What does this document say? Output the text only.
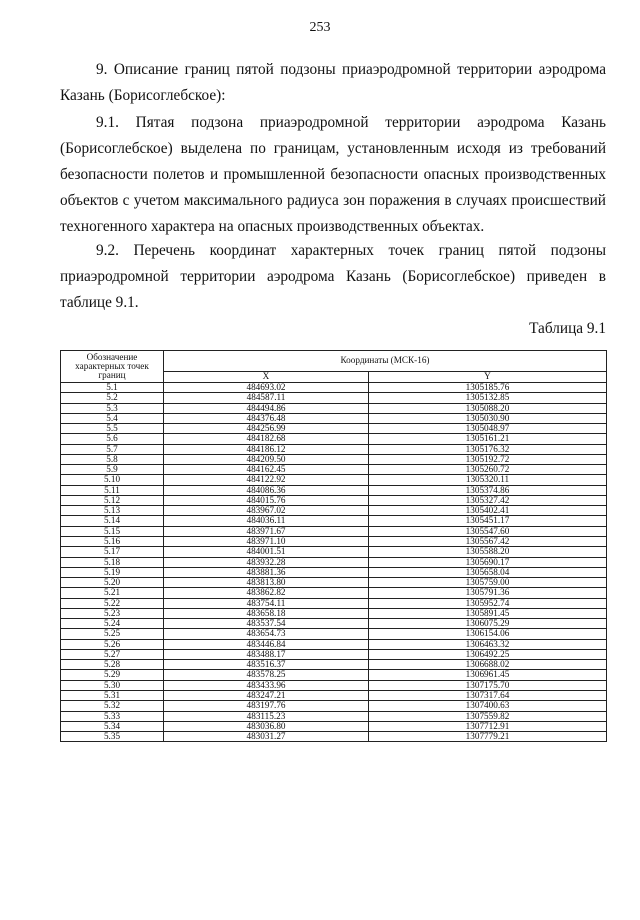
253
9. Описание границ пятой подзоны приаэродромной территории аэродрома Казань (Борисоглебское):
9.1. Пятая подзона приаэродромной территории аэродрома Казань (Борисоглебское) выделена по границам, установленным исходя из требований безопасности полетов и промышленной безопасности опасных производственных объектов с учетом максимального радиуса зон поражения в случаях происшествий техногенного характера на опасных производственных объектах.
9.2. Перечень координат характерных точек границ пятой подзоны приаэродромной территории аэродрома Казань (Борисоглебское) приведен в таблице 9.1.
Таблица 9.1
Обозначение характерных точек границ	Координаты (МСК-16)	
	X	Y
5.1	484693.02	1305185.76
5.2	484587.11	1305132.85
5.3	484494.86	1305088.20
5.4	484376.48	1305030.90
5.5	484256.99	1305048.97
5.6	484182.68	1305161.21
5.7	484186.12	1305176.32
5.8	484209.50	1305192.72
5.9	484162.45	1305260.72
5.10	484122.92	1305320.11
5.11	484086.36	1305374.86
5.12	484015.76	1305327.42
5.13	483967.02	1305402.41
5.14	484036.11	1305451.17
5.15	483971.67	1305547.60
5.16	483971.10	1305567.42
5.17	484001.51	1305588.20
5.18	483932.28	1305690.17
5.19	483881.36	1305658.04
5.20	483813.80	1305759.00
5.21	483862.82	1305791.36
5.22	483754.11	1305952.74
5.23	483658.18	1305891.45
5.24	483537.54	1306075.29
5.25	483654.73	1306154.06
5.26	483446.84	1306463.32
5.27	483488.17	1306492.25
5.28	483516.37	1306688.02
5.29	483578.25	1306961.45
5.30	483433.96	1307175.70
5.31	483247.21	1307317.64
5.32	483197.76	1307400.63
5.33	483115.23	1307559.82
5.34	483036.80	1307712.91
5.35	483031.27	1307779.21
